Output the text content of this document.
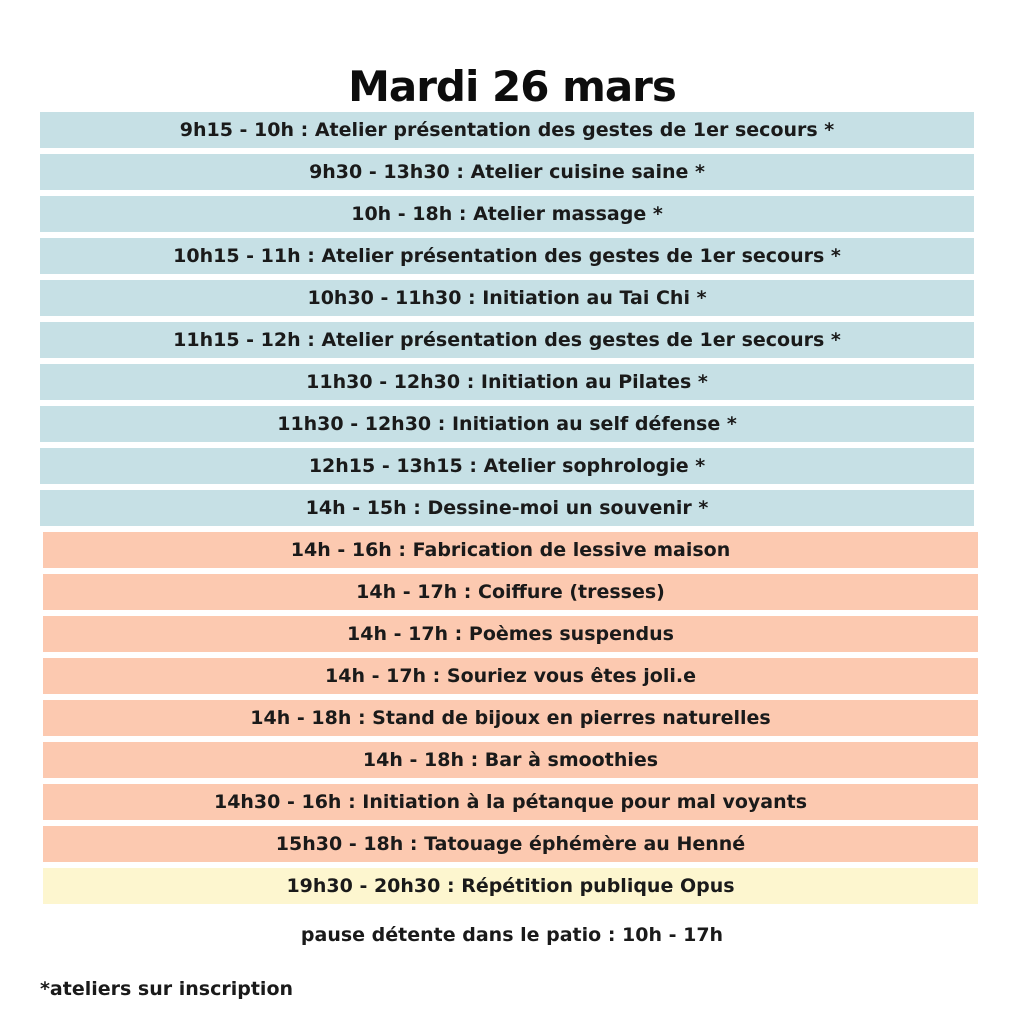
Mardi 26 mars
9h15 - 10h : Atelier présentation des gestes de 1er secours *
9h30 - 13h30 : Atelier cuisine saine *
10h - 18h : Atelier massage *
10h15 - 11h : Atelier présentation des gestes de 1er secours *
10h30 - 11h30 : Initiation au Tai Chi *
11h15 - 12h : Atelier présentation des gestes de 1er secours *
11h30 - 12h30 : Initiation au Pilates *
11h30 - 12h30 : Initiation au self défense *
12h15 - 13h15 : Atelier sophrologie *
14h - 15h : Dessine-moi un souvenir *
14h - 16h : Fabrication de lessive maison
14h - 17h : Coiffure (tresses)
14h - 17h : Poèmes suspendus
14h - 17h : Souriez vous êtes joli.e
14h - 18h : Stand de bijoux en pierres naturelles
14h - 18h : Bar à smoothies
14h30 - 16h : Initiation à la pétanque pour mal voyants
15h30 - 18h : Tatouage éphémère au Henné
19h30 - 20h30 : Répétition publique Opus
pause détente dans le patio : 10h - 17h
*ateliers sur inscription
